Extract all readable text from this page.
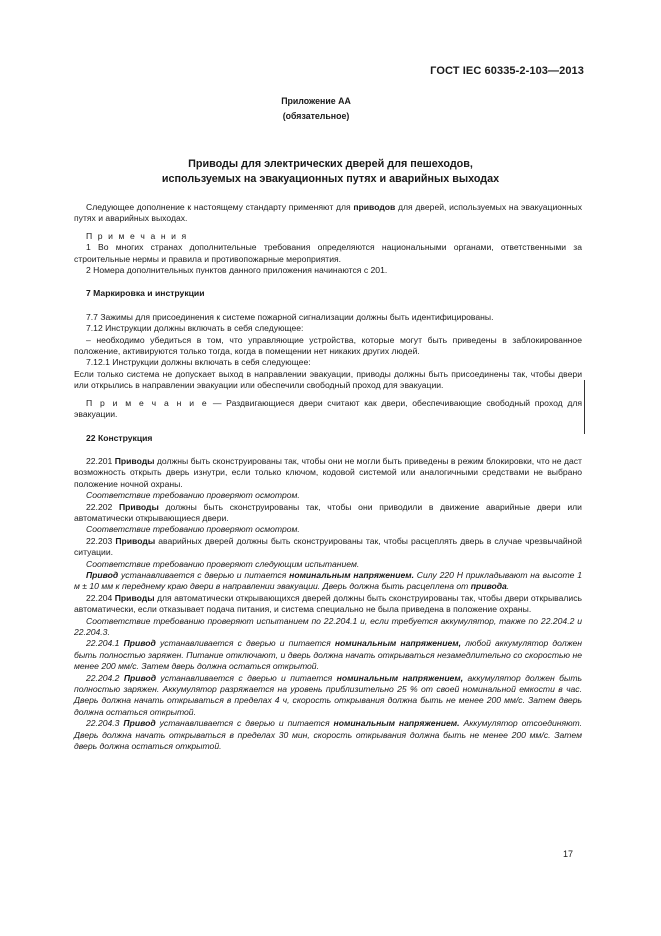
ГОСТ IEC 60335-2-103—2013
Приложение АА
(обязательное)
Приводы для электрических дверей для пешеходов,
используемых на эвакуационных путях и аварийных выходах

Следующее дополнение к настоящему стандарту применяют для приводов для дверей, используемых на эвакуационных путях и аварийных выходах.

П р и м е ч а н и я

1 Во многих странах дополнительные требования определяются национальными органами, ответственными за строительные нермы и правила и противопожарные мероприятия.

2 Номера дополнительных пунктов данного приложения начинаются с 201.

7 Маркировка и инструкции

7.7 Зажимы для присоединения к системе пожарной сигнализации должны быть идентифицированы.

7.12 Инструкции должны включать в себя следующее:

– необходимо убедиться в том, что управляющие устройства, которые могут быть приведены в заблокированное положение, активируются только тогда, когда в помещении нет никаких других людей.

7.12.1 Инструкции должны включать в себя следующее:

Если только система не допускает выход в направлении эвакуации, приводы должны быть присоединены так, чтобы двери или открылись в направлении эвакуации или обеспечили свободный проход для эвакуации.

П р и м е ч а н и е — Раздвигающиеся двери считают как двери, обеспечивающие свободный проход для эвакуации.

22 Конструкция

22.201 Приводы должны быть сконструированы так, чтобы они не могли быть приведены в режим блокировки, что не даст возможность открыть дверь изнутри, если только ключом, кодовой системой или аналогичными средствами не выбрано положение ночной охраны.

Соответствие требованию проверяют осмотром.

22.202 Приводы должны быть сконструированы так, чтобы они приводили в движение аварийные двери или автоматически открывающиеся двери.

Соответствие требованию проверяют осмотром.

22.203 Приводы аварийных дверей должны быть сконструированы так, чтобы расцеплять дверь в случае чрезвычайной ситуации.

Соответствие требованию проверяют следующим испытанием.

Привод устанавливается с дверью и питается номинальным напряжением. Силу 220 Н прикладывают на высоте 1 м ± 10 мм к переднему краю двери в направлении эвакуации. Дверь должна быть расцеплена от привода.

22.204 Приводы для автоматически открывающихся дверей должны быть сконструированы так, чтобы двери открывались автоматически, если отказывает подача питания, и система специально не была приведена в положение охраны.

Соответствие требованию проверяют испытанием по 22.204.1 и, если требуется аккумулятор, также по 22.204.2 и 22.204.3.

22.204.1 Привод устанавливается с дверью и питается номинальным напряжением, любой аккумулятор должен быть полностью заряжен. Питание отключают, и дверь должна начать открываться незамедлительно со скоростью не менее 200 мм/с. Затем дверь должна остаться открытой.

22.204.2 Привод устанавливается с дверью и питается номинальным напряжением, аккумулятор должен быть полностью заряжен. Аккумулятор разряжается на уровень приблизительно 25 % от своей номинальной емкости в час. Дверь должна начать открываться в пределах 4 ч, скорость открывания должна быть не менее 200 мм/с. Затем дверь должна остаться открытой.

22.204.3 Привод устанавливается с дверью и питается номинальным напряжением. Аккумулятор отсоединяют. Дверь должна начать открываться в пределах 30 мин, скорость открывания должна быть не менее 200 мм/с. Затем дверь должна остаться открытой.

17
